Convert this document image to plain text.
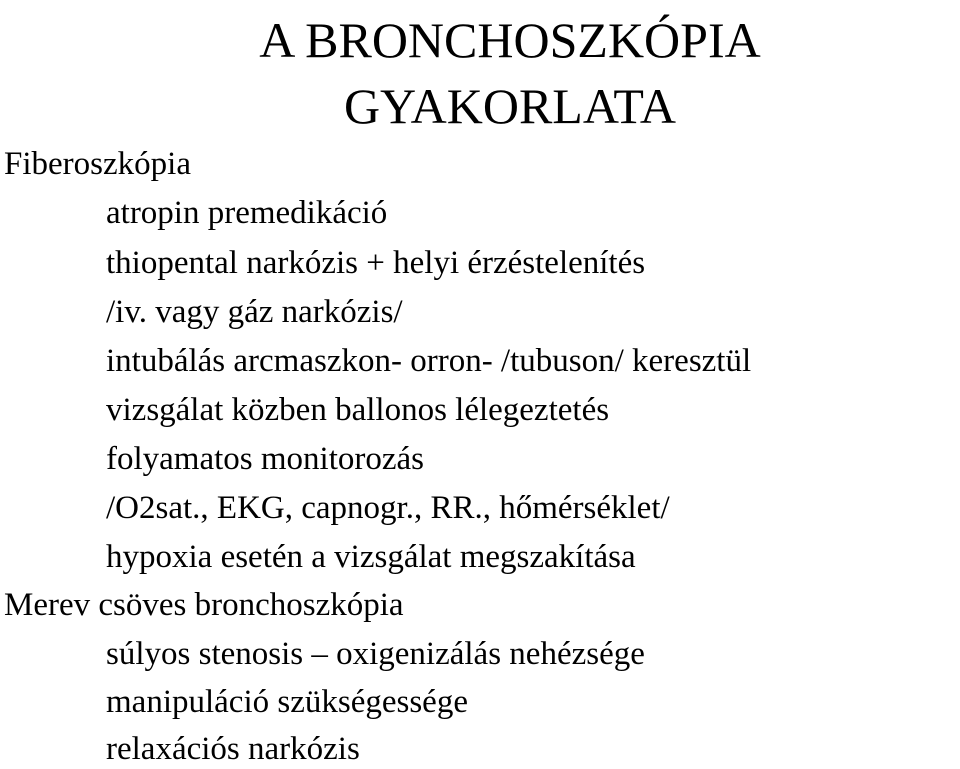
A BRONCHOSZKÓPIA
GYAKORLATA
Fiberoszkópia
atropin premedikáció
thiopental narkózis + helyi érzéstelenítés
/iv. vagy gáz narkózis/
intubálás arcmaszkon- orron- /tubuson/ keresztül
vizsgálat közben ballonos lélegeztetés
folyamatos monitorozás
/O2sat., EKG, capnogr., RR., hőmérséklet/
hypoxia esetén a vizsgálat megszakítása
Merev csöves bronchoszkópia
súlyos stenosis – oxigenizálás nehézsége
manipuláció szükségessége
relaxációs narkózis
